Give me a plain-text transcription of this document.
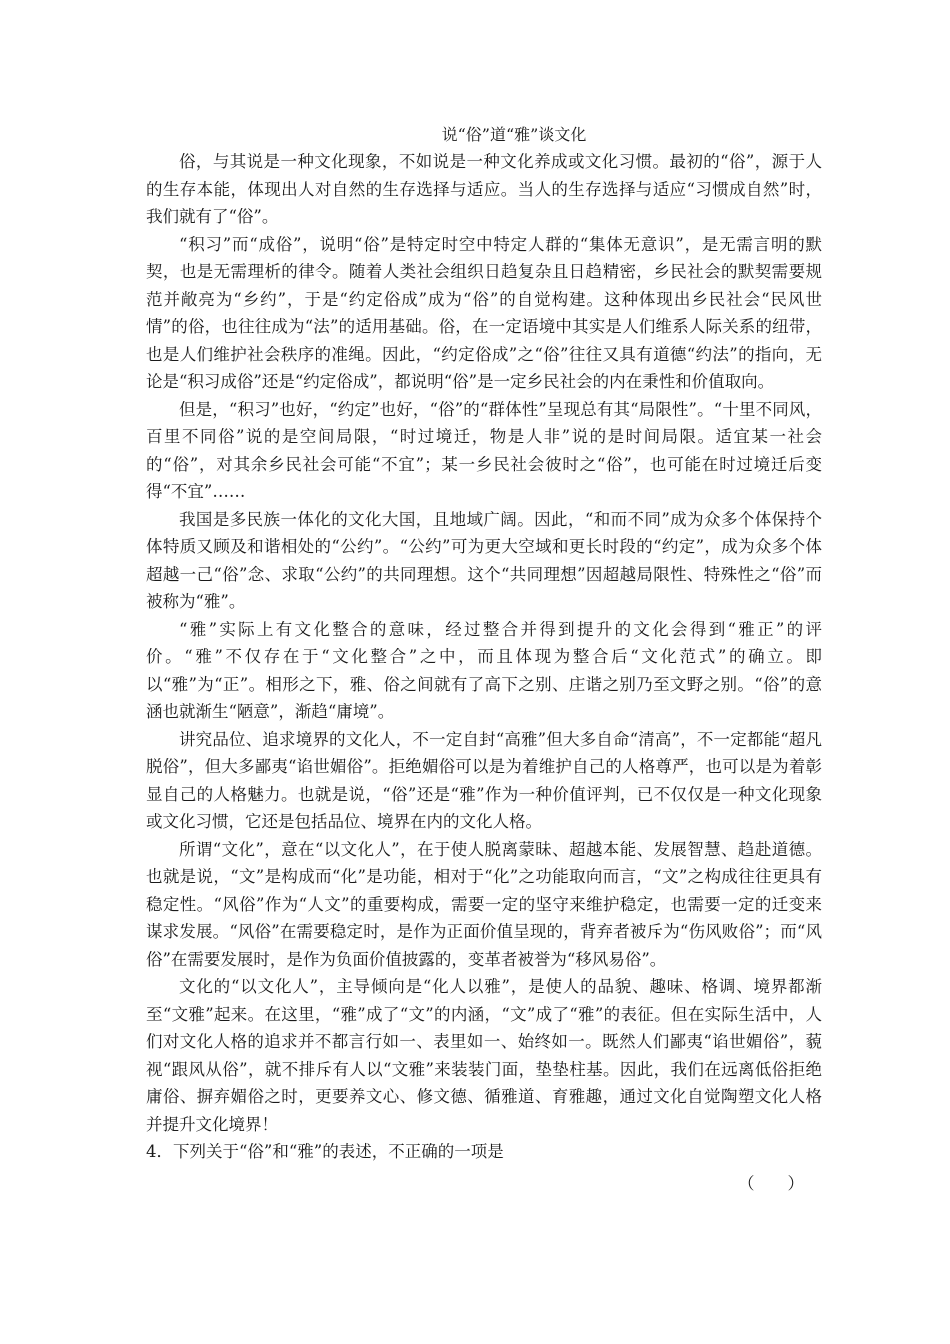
说“俗”道“雅”谈文化

俗，与其说是一种文化现象，不如说是一种文化养成或文化习惯。最初的“俗”，源于人的生存本能，体现出人对自然的生存选择与适应。当人的生存选择与适应“习惯成自然”时，我们就有了“俗”。

“积习”而“成俗”，说明“俗”是特定时空中特定人群的“集体无意识”，是无需言明的默契，也是无需理析的律令。随着人类社会组织日趋复杂且日趋精密，乡民社会的默契需要规范并敞亮为“乡约”，于是“约定俗成”成为“俗”的自觉构建。这种体现出乡民社会“民风世情”的俗，也往往成为“法”的适用基础。俗，在一定语境中其实是人们维系人际关系的纽带，也是人们维护社会秩序的准绳。因此，“约定俗成”之“俗”往往又具有道德“约法”的指向，无论是“积习成俗”还是“约定俗成”，都说明“俗”是一定乡民社会的内在秉性和价值取向。

但是，“积习”也好，“约定”也好，“俗”的“群体性”呈现总有其“局限性”。“十里不同风，百里不同俗”说的是空间局限，“时过境迁，物是人非”说的是时间局限。适宜某一社会的“俗”，对其余乡民社会可能“不宜”；某一乡民社会彼时之“俗”，也可能在时过境迁后变得“不宜”……

我国是多民族一体化的文化大国，且地域广阔。因此，“和而不同”成为众多个体保持个体特质又顾及和谐相处的“公约”。“公约”可为更大空域和更长时段的“约定”，成为众多个体超越一己“俗”念、求取“公约”的共同理想。这个“共同理想”因超越局限性、特殊性之“俗”而被称为“雅”。

“雅”实际上有文化整合的意味，经过整合并得到提升的文化会得到“雅正”的评价。“雅”不仅存在于“文化整合”之中，而且体现为整合后“文化范式”的确立。即以“雅”为“正”。相形之下，雅、俗之间就有了高下之别、庄谐之别乃至文野之别。“俗”的意涵也就渐生“陋意”，渐趋“庸境”。

讲究品位、追求境界的文化人，不一定自封“高雅”但大多自命“清高”，不一定都能“超凡脱俗”，但大多鄙夷“谄世媚俗”。拒绝媚俗可以是为着维护自己的人格尊严，也可以是为着彰显自己的人格魅力。也就是说，“俗”还是“雅”作为一种价值评判，已不仅仅是一种文化现象或文化习惯，它还是包括品位、境界在内的文化人格。

所谓“文化”，意在“以文化人”，在于使人脱离蒙昧、超越本能、发展智慧、趋赴道德。也就是说，“文”是构成而“化”是功能，相对于“化”之功能取向而言，“文”之构成往往更具有稳定性。“风俗”作为“人文”的重要构成，需要一定的坚守来维护稳定，也需要一定的迁变来谋求发展。“风俗”在需要稳定时，是作为正面价值呈现的，背弃者被斥为“伤风败俗”；而“风俗”在需要发展时，是作为负面价值披露的，变革者被誉为“移风易俗”。

文化的“以文化人”，主导倾向是“化人以雅”，是使人的品貌、趣味、格调、境界都渐至“文雅”起来。在这里，“雅”成了“文”的内涵，“文”成了“雅”的表征。但在实际生活中，人们对文化人格的追求并不都言行如一、表里如一、始终如一。既然人们鄙夷“谄世媚俗”，藐视“跟风从俗”，就不排斥有人以“文雅”来装装门面，垫垫柱基。因此，我们在远离低俗拒绝庸俗、摒弃媚俗之时，更要养文心、修文德、循雅道、育雅趣，通过文化自觉陶塑文化人格并提升文化境界！

4．下列关于“俗”和“雅”的表述，不正确的一项是

（　　）
